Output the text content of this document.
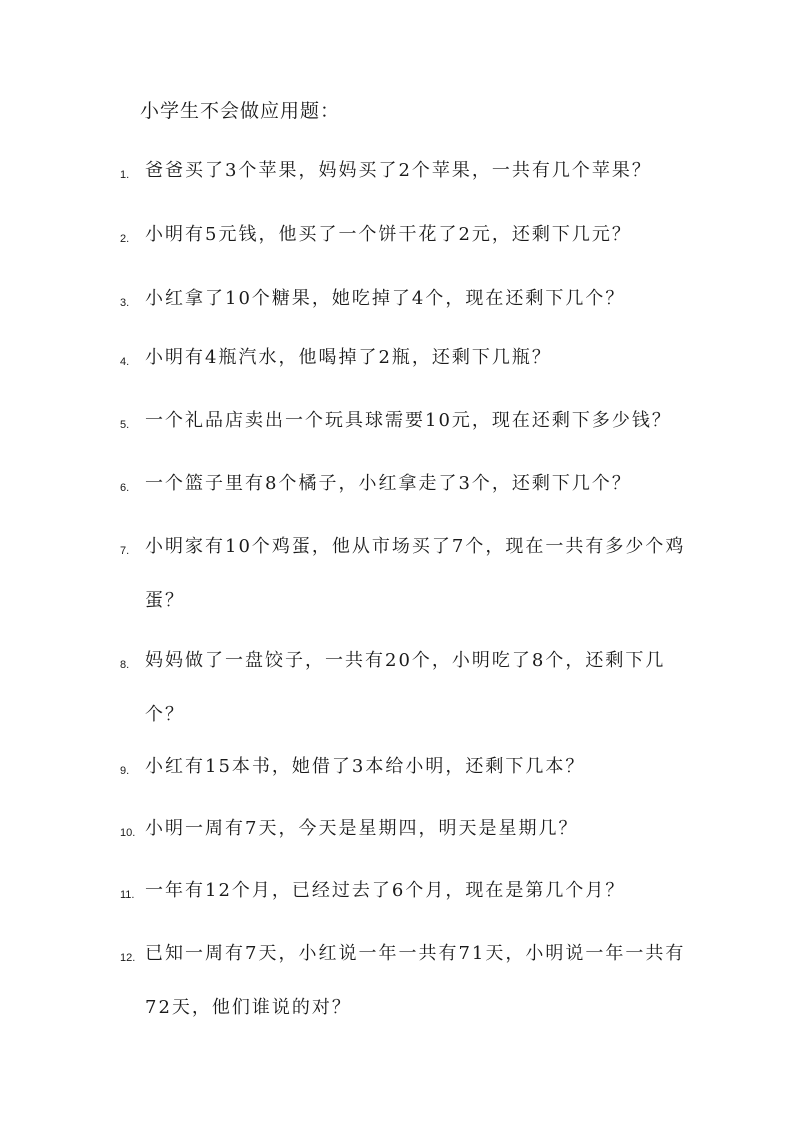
小学生不会做应用题：
1. 爸爸买了3个苹果，妈妈买了2个苹果，一共有几个苹果？
2. 小明有5元钱，他买了一个饼干花了2元，还剩下几元？
3. 小红拿了10个糖果，她吃掉了4个，现在还剩下几个？
4. 小明有4瓶汽水，他喝掉了2瓶，还剩下几瓶？
5. 一个礼品店卖出一个玩具球需要10元，现在还剩下多少钱？
6. 一个篮子里有8个橘子，小红拿走了3个，还剩下几个？
7. 小明家有10个鸡蛋，他从市场买了7个，现在一共有多少个鸡蛋？
8. 妈妈做了一盘饺子，一共有20个，小明吃了8个，还剩下几个？
9. 小红有15本书，她借了3本给小明，还剩下几本？
10. 小明一周有7天，今天是星期四，明天是星期几？
11. 一年有12个月，已经过去了6个月，现在是第几个月？
12. 已知一周有7天，小红说一年一共有71天，小明说一年一共有72天，他们谁说的对？
